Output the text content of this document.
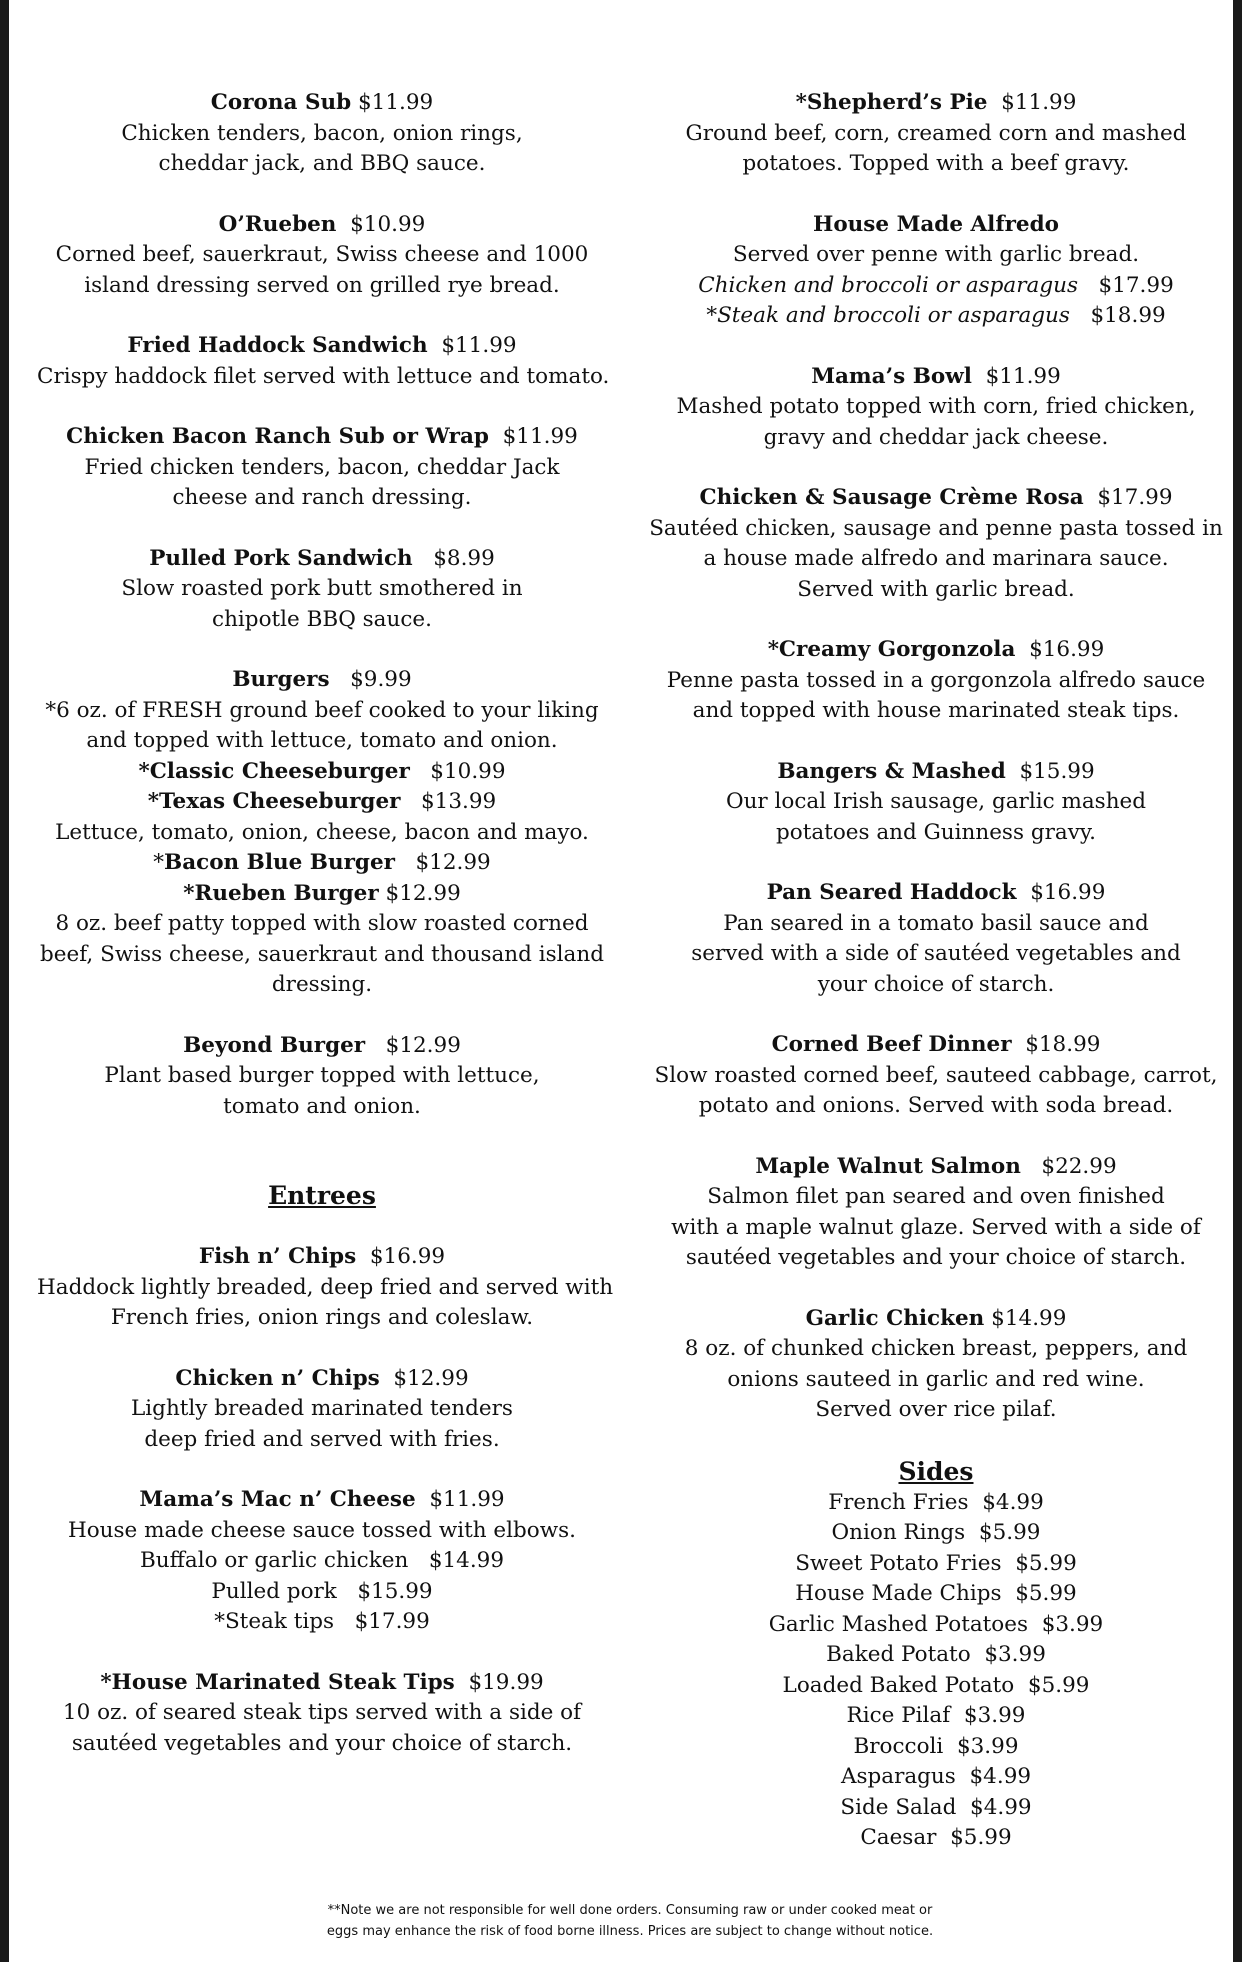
Corona Sub $11.99
Chicken tenders, bacon, onion rings,
cheddar jack, and BBQ sauce.
O’Rueben $10.99
Corned beef, sauerkraut, Swiss cheese and 1000
island dressing served on grilled rye bread.
Fried Haddock Sandwich $11.99
Crispy haddock filet served with lettuce and tomato.
Chicken Bacon Ranch Sub or Wrap $11.99
Fried chicken tenders, bacon, cheddar Jack
cheese and ranch dressing.
Pulled Pork Sandwich $8.99
Slow roasted pork butt smothered in
chipotle BBQ sauce.
Burgers $9.99
*6 oz. of FRESH ground beef cooked to your liking
and topped with lettuce, tomato and onion.
*Classic Cheeseburger $10.99
*Texas Cheeseburger $13.99
Lettuce, tomato, onion, cheese, bacon and mayo.
*Bacon Blue Burger $12.99
*Rueben Burger $12.99
8 oz. beef patty topped with slow roasted corned
beef, Swiss cheese, sauerkraut and thousand island
dressing.
Beyond Burger $12.99
Plant based burger topped with lettuce,
tomato and onion.
Entrees
Fish n’ Chips $16.99
Haddock lightly breaded, deep fried and served with
French fries, onion rings and coleslaw.
Chicken n’ Chips $12.99
Lightly breaded marinated tenders
deep fried and served with fries.
Mama’s Mac n’ Cheese $11.99
House made cheese sauce tossed with elbows.
Buffalo or garlic chicken $14.99
Pulled pork $15.99
*Steak tips $17.99
*House Marinated Steak Tips $19.99
10 oz. of seared steak tips served with a side of
sautéed vegetables and your choice of starch.
*Shepherd’s Pie $11.99
Ground beef, corn, creamed corn and mashed
potatoes. Topped with a beef gravy.
House Made Alfredo
Served over penne with garlic bread.
Chicken and broccoli or asparagus $17.99
*Steak and broccoli or asparagus $18.99
Mama’s Bowl $11.99
Mashed potato topped with corn, fried chicken,
gravy and cheddar jack cheese.
Chicken & Sausage Crème Rosa $17.99
Sautéed chicken, sausage and penne pasta tossed in
a house made alfredo and marinara sauce.
Served with garlic bread.
*Creamy Gorgonzola $16.99
Penne pasta tossed in a gorgonzola alfredo sauce
and topped with house marinated steak tips.
Bangers & Mashed $15.99
Our local Irish sausage, garlic mashed
potatoes and Guinness gravy.
Pan Seared Haddock $16.99
Pan seared in a tomato basil sauce and
served with a side of sautéed vegetables and
your choice of starch.
Corned Beef Dinner $18.99
Slow roasted corned beef, sauteed cabbage, carrot,
potato and onions. Served with soda bread.
Maple Walnut Salmon $22.99
Salmon filet pan seared and oven finished
with a maple walnut glaze. Served with a side of
sautéed vegetables and your choice of starch.
Garlic Chicken $14.99
8 oz. of chunked chicken breast, peppers, and
onions sauteed in garlic and red wine.
Served over rice pilaf.
Sides
French Fries $4.99
Onion Rings $5.99
Sweet Potato Fries $5.99
House Made Chips $5.99
Garlic Mashed Potatoes $3.99
Baked Potato $3.99
Loaded Baked Potato $5.99
Rice Pilaf $3.99
Broccoli $3.99
Asparagus $4.99
Side Salad $4.99
Caesar $5.99
**Note we are not responsible for well done orders. Consuming raw or under cooked meat or
eggs may enhance the risk of food borne illness. Prices are subject to change without notice.
